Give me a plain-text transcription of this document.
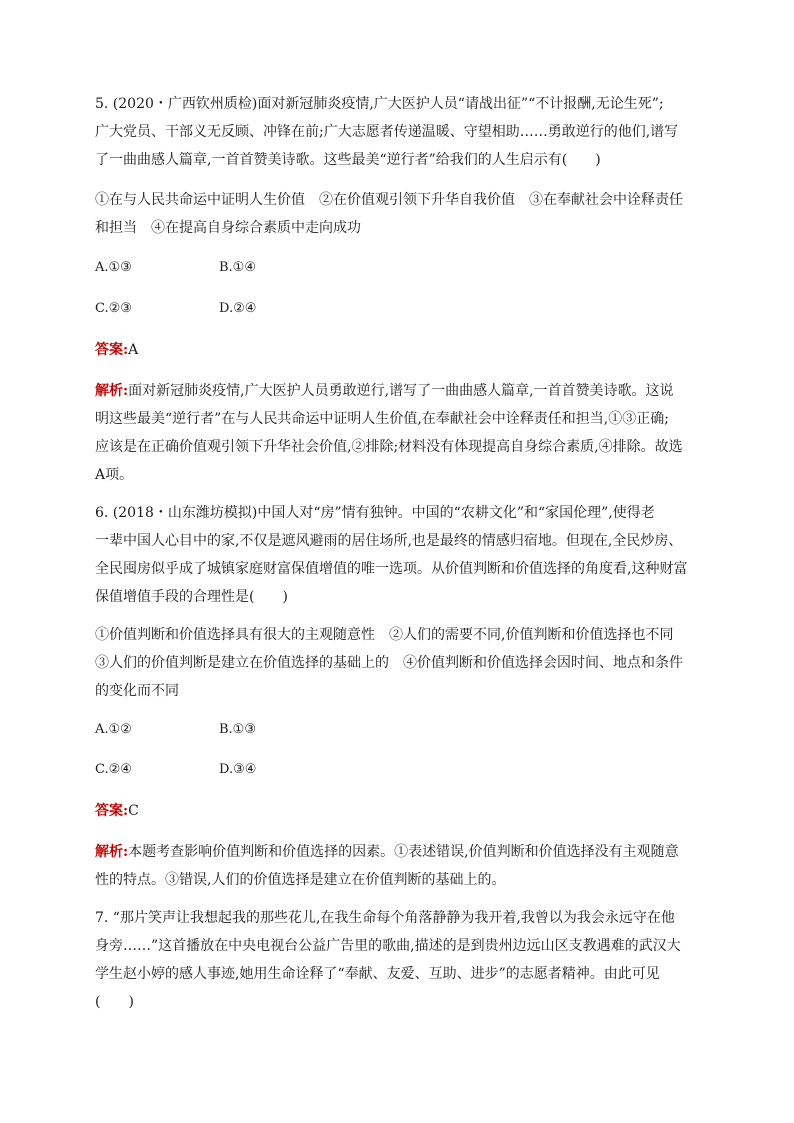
5. (2020・广西钦州质检)面对新冠肺炎疫情,广大医护人员“请战出征”“不计报酬,无论生死”;
广大党员、干部义无反顾、冲锋在前;广大志愿者传递温暖、守望相助……勇敢逆行的他们,谱写
了一曲曲感人篇章,一首首赞美诗歌。这些最美“逆行者”给我们的人生启示有(　　)
①在与人民共命运中证明人生价值　②在价值观引领下升华自我价值　③在奉献社会中诠释责任
和担当　④在提高自身综合素质中走向成功
A.①③	B.①④
C.②③	D.②④
答案:A
解析:面对新冠肺炎疫情,广大医护人员勇敢逆行,谱写了一曲曲感人篇章,一首首赞美诗歌。这说
明这些最美“逆行者”在与人民共命运中证明人生价值,在奉献社会中诠释责任和担当,①③正确;
应该是在正确价值观引领下升华社会价值,②排除;材料没有体现提高自身综合素质,④排除。故选
A项。
6. (2018・山东潍坊模拟)中国人对“房”情有独钟。中国的“农耕文化”和“家国伦理”,使得老
一辈中国人心目中的家,不仅是遮风避雨的居住场所,也是最终的情感归宿地。但现在,全民炒房、
全民囤房似乎成了城镇家庭财富保值增值的唯一选项。从价值判断和价值选择的角度看,这种财富
保值增值手段的合理性是(　　)
①价值判断和价值选择具有很大的主观随意性　②人们的需要不同,价值判断和价值选择也不同
③人们的价值判断是建立在价值选择的基础上的　④价值判断和价值选择会因时间、地点和条件
的变化而不同
A.①②	B.①③
C.②④	D.③④
答案:C
解析:本题考查影响价值判断和价值选择的因素。①表述错误,价值判断和价值选择没有主观随意
性的特点。③错误,人们的价值选择是建立在价值判断的基础上的。
7. “那片笑声让我想起我的那些花儿,在我生命每个角落静静为我开着,我曾以为我会永远守在他
身旁……”这首播放在中央电视台公益广告里的歌曲,描述的是到贵州边远山区支教遇难的武汉大
学生赵小婷的感人事迹,她用生命诠释了“奉献、友爱、互助、进步”的志愿者精神。由此可见
(　　)
